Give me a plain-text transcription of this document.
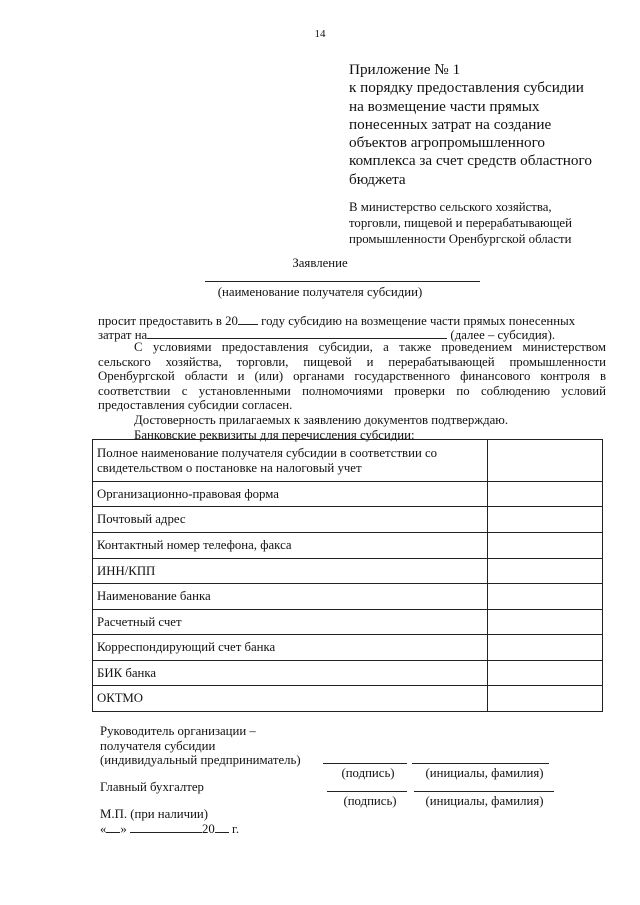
14
Приложение № 1
к порядку предоставления субсидии
на возмещение части прямых
понесенных затрат на создание
объектов агропромышленного
комплекса за счет средств областного
бюджета
В министерство сельского хозяйства,
торговли, пищевой и перерабатывающей
промышленности Оренбургской области
Заявление
(наименование получателя субсидии)
просит предоставить в 20 году субсидию на возмещение части прямых понесенных
затрат на	(далее – субсидия).
С условиями предоставления субсидии, а также проведением министерством
сельского хозяйства, торговли, пищевой и перерабатывающей промышленности
Оренбургской области и (или) органами государственного финансового контроля в
соответствии с установленными полномочиями проверки по соблюдению условий
предоставления субсидии согласен.
Достоверность прилагаемых к заявлению документов подтверждаю.
Банковские реквизиты для перечисления субсидии:
Полное наименование получателя субсидии в соответствии со свидетельством о постановке на налоговый учет	
Организационно-правовая форма	
Почтовый адрес	
Контактный номер телефона, факса	
ИНН/КПП	
Наименование банка	
Расчетный счет	
Корреспондирующий счет банка	
БИК банка	
ОКТМО	
Руководитель организации –
получателя субсидии
(индивидуальный предприниматель)
(подпись)	(инициалы, фамилия)
Главный бухгалтер
(подпись)	(инициалы, фамилия)
М.П. (при наличии)
« »	20 г.
